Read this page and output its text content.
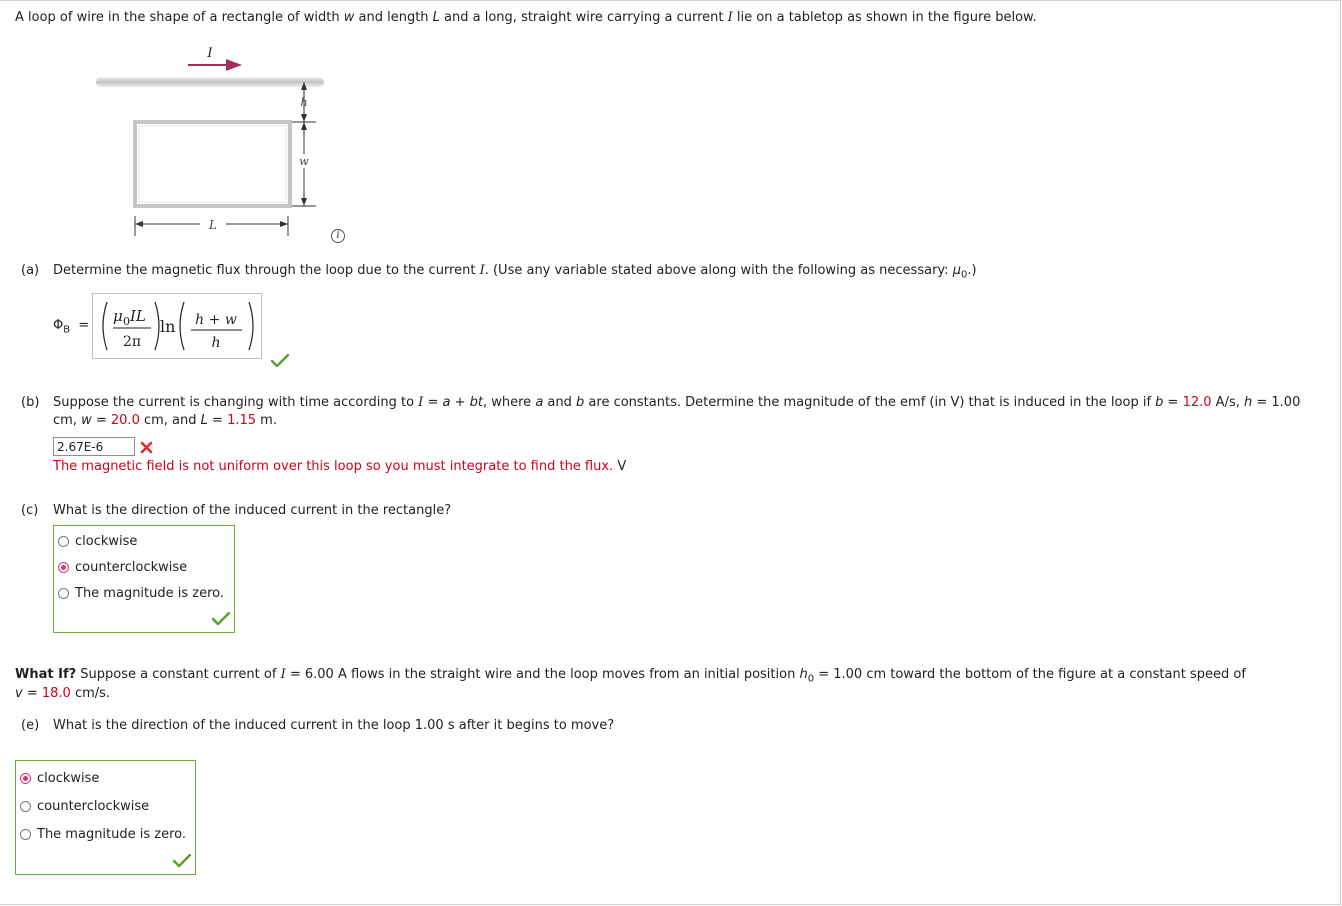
A loop of wire in the shape of a rectangle of width w and length L and a long, straight wire carrying a current I lie on a tabletop as shown in the figure below.
I
h
w
L
i
(a) Determine the magnetic flux through the loop due to the current I. (Use any variable stated above along with the following as necessary: $\mu_0$.)
$\Phi_B$ =
μ 0 IL
2π
ln h + w
h
(b) Suppose the current is changing with time according to I = a + bt, where a and b are constants. Determine the magnitude of the emf (in V) that is induced in the loop if b = 12.0 A/s, h = 1.00
cm, w = 20.0 cm, and L = 1.15 m.
2.67E-6
The magnetic field is not uniform over this loop so you must integrate to find the flux. V
(c) What is the direction of the induced current in the rectangle?
clockwise
counterclockwise
The magnitude is zero.
What If? Suppose a constant current of I = 6.00 A flows in the straight wire and the loop moves from an initial position $h_0 = 1.00$ cm toward the bottom of the figure at a constant speed of
v = 18.0 cm/s.
(e) What is the direction of the induced current in the loop 1.00 s after it begins to move?
clockwise
counterclockwise
The magnitude is zero.
